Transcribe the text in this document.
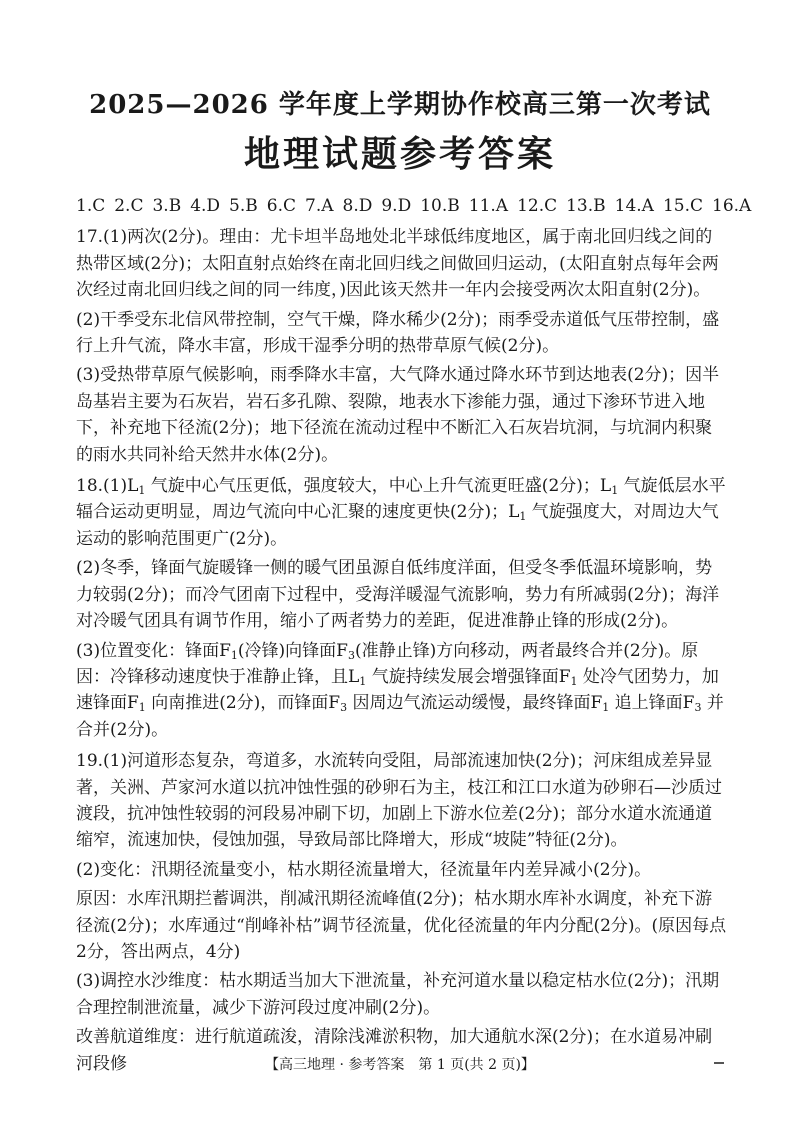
2025—2026 学年度上学期协作校高三第一次考试
地理试题参考答案

1.C 2.C 3.B 4.D 5.B 6.C 7.A 8.D 9.D 10.B 11.A 12.C 13.B 14.A 15.C 16.A

17.(1)两次(2分)。理由：尤卡坦半岛地处北半球低纬度地区，属于南北回归线之间的热带区域(2分)；太阳直射点始终在南北回归线之间做回归运动，(太阳直射点每年会两次经过南北回归线之间的同一纬度，)因此该天然井一年内会接受两次太阳直射(2分)。

(2)干季受东北信风带控制，空气干燥，降水稀少(2分)；雨季受赤道低气压带控制，盛行上升气流，降水丰富，形成干湿季分明的热带草原气候(2分)。

(3)受热带草原气候影响，雨季降水丰富，大气降水通过降水环节到达地表(2分)；因半岛基岩主要为石灰岩，岩石多孔隙、裂隙，地表水下渗能力强，通过下渗环节进入地下，补充地下径流(2分)；地下径流在流动过程中不断汇入石灰岩坑洞，与坑洞内积聚的雨水共同补给天然井水体(2分)。

$18.(1)L_1$ 气旋中心气压更低，强度较大，中心上升气流更旺盛(2分)；$L_1$ 气旋低层水平辐合运动更明显，周边气流向中心汇聚的速度更快(2分)；$L_1$ 气旋强度大，对周边大气运动的影响范围更广(2分)。

(2)冬季，锋面气旋暖锋一侧的暖气团虽源自低纬度洋面，但受冬季低温环境影响，势力较弱(2分)；而冷气团南下过程中，受海洋暖湿气流影响，势力有所减弱(2分)；海洋对冷暖气团具有调节作用，缩小了两者势力的差距，促进准静止锋的形成(2分)。

(3)位置变化：锋面$F_1$(冷锋)向锋面$F_3$(准静止锋)方向移动，两者最终合并(2分)。原因：冷锋移动速度快于准静止锋，且$L_1$ 气旋持续发展会增强锋面$F_1$ 处冷气团势力，加速锋面$F_1$ 向南推进(2分)，而锋面$F_3$ 因周边气流运动缓慢，最终锋面$F_1$ 追上锋面$F_3$ 并合并(2分)。

19.(1)河道形态复杂，弯道多，水流转向受阻，局部流速加快(2分)；河床组成差异显著，关洲、芦家河水道以抗冲蚀性强的砂卵石为主，枝江和江口水道为砂卵石—沙质过渡段，抗冲蚀性较弱的河段易冲刷下切，加剧上下游水位差(2分)；部分水道水流通道缩窄，流速加快，侵蚀加强，导致局部比降增大，形成“坡陡”特征(2分)。

(2)变化：汛期径流量变小，枯水期径流量增大，径流量年内差异减小(2分)。

原因：水库汛期拦蓄调洪，削减汛期径流峰值(2分)；枯水期水库补水调度，补充下游径流(2分)；水库通过“削峰补枯”调节径流量，优化径流量的年内分配(2分)。(原因每点2分，答出两点，4分)

(3)调控水沙维度：枯水期适当加大下泄流量，补充河道水量以稳定枯水位(2分)；汛期合理控制泄流量，减少下游河段过度冲刷(2分)。

改善航道维度：进行航道疏浚，清除浅滩淤积物，加大通航水深(2分)；在水道易冲刷河段修	【高三地理 · 参考答案　第 1 页(共 2 页)】
